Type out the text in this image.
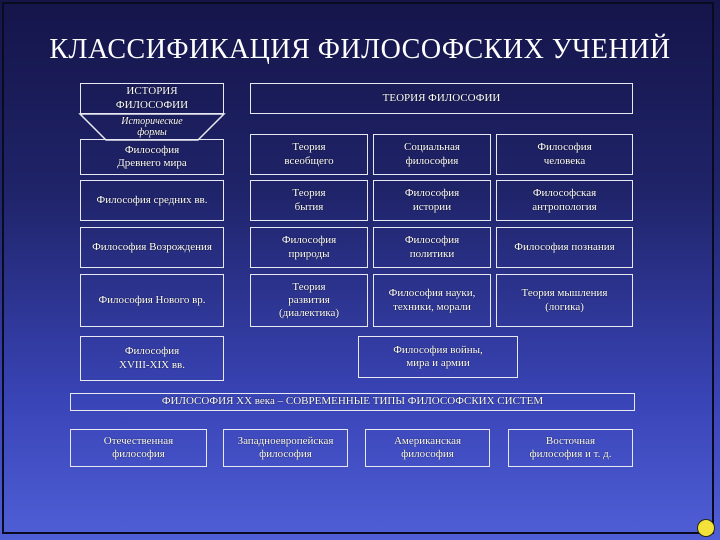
КЛАССИФИКАЦИЯ ФИЛОСОФСКИХ УЧЕНИЙ
ИСТОРИЯ
ФИЛОСОФИИ
Исторические
формы
ТЕОРИЯ ФИЛОСОФИИ
Философия
Древнего мира
Теория
всеобщего
Социальная
философия
Философия
человека
Философия средних вв.
Теория
бытия
Философия
истории
Философская
антропология
Философия Возрождения
Философия
природы
Философия
политики
Философия познания
Философия Нового вр.
Теория
развития
(диалектика)
Философия науки,
техники, морали
Теория мышления
(логика)
Философия
XVIII-XIX вв.
Философия войны,
мира и армии
ФИЛОСОФИЯ XX века – СОВРЕМЕННЫЕ ТИПЫ ФИЛОСОФСКИХ СИСТЕМ
Отечественная
философия
Западноевропейская
философия
Американская
философия
Восточная
философия и т. д.
